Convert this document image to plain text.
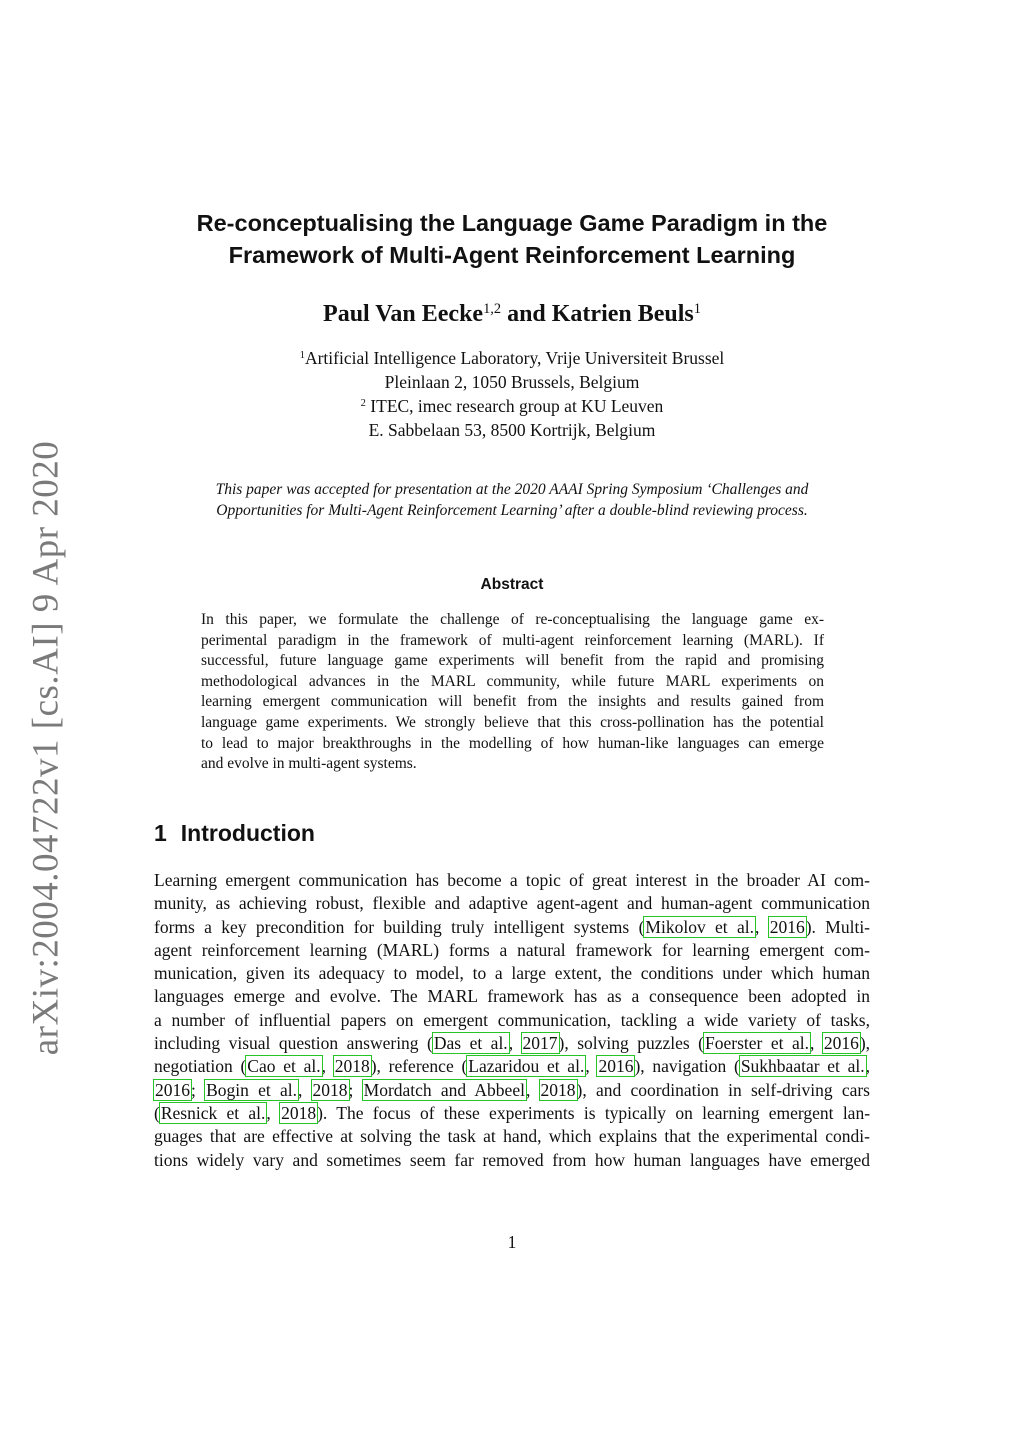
arXiv:2004.04722v1 [cs.AI] 9 Apr 2020
Re-conceptualising the Language Game Paradigm in the
Framework of Multi-Agent Reinforcement Learning
Paul Van Eecke$^{1,2}$ and Katrien Beuls$^1$
$^1$Artificial Intelligence Laboratory, Vrije Universiteit Brussel
Pleinlaan 2, 1050 Brussels, Belgium
$^2$ ITEC, imec research group at KU Leuven
E. Sabbelaan 53, 8500 Kortrijk, Belgium
This paper was accepted for presentation at the 2020 AAAI Spring Symposium ‘Challenges and
Opportunities for Multi-Agent Reinforcement Learning’ after a double-blind reviewing process.
Abstract
In this paper, we formulate the challenge of re-conceptualising the language game ex-
perimental paradigm in the framework of multi-agent reinforcement learning (MARL). If
successful, future language game experiments will benefit from the rapid and promising
methodological advances in the MARL community, while future MARL experiments on
learning emergent communication will benefit from the insights and results gained from
language game experiments. We strongly believe that this cross-pollination has the potential
to lead to major breakthroughs in the modelling of how human-like languages can emerge
and evolve in multi-agent systems.
1 Introduction
Learning emergent communication has become a topic of great interest in the broader AI com-
munity, as achieving robust, flexible and adaptive agent-agent and human-agent communication
forms a key precondition for building truly intelligent systems (Mikolov et al., 2016). Multi-
agent reinforcement learning (MARL) forms a natural framework for learning emergent com-
munication, given its adequacy to model, to a large extent, the conditions under which human
languages emerge and evolve. The MARL framework has as a consequence been adopted in
a number of influential papers on emergent communication, tackling a wide variety of tasks,
including visual question answering (Das et al., 2017), solving puzzles (Foerster et al., 2016),
negotiation (Cao et al., 2018), reference (Lazaridou et al., 2016), navigation (Sukhbaatar et al.,
2016; Bogin et al., 2018; Mordatch and Abbeel, 2018), and coordination in self-driving cars
(Resnick et al., 2018). The focus of these experiments is typically on learning emergent lan-
guages that are effective at solving the task at hand, which explains that the experimental condi-
tions widely vary and sometimes seem far removed from how human languages have emerged
1
